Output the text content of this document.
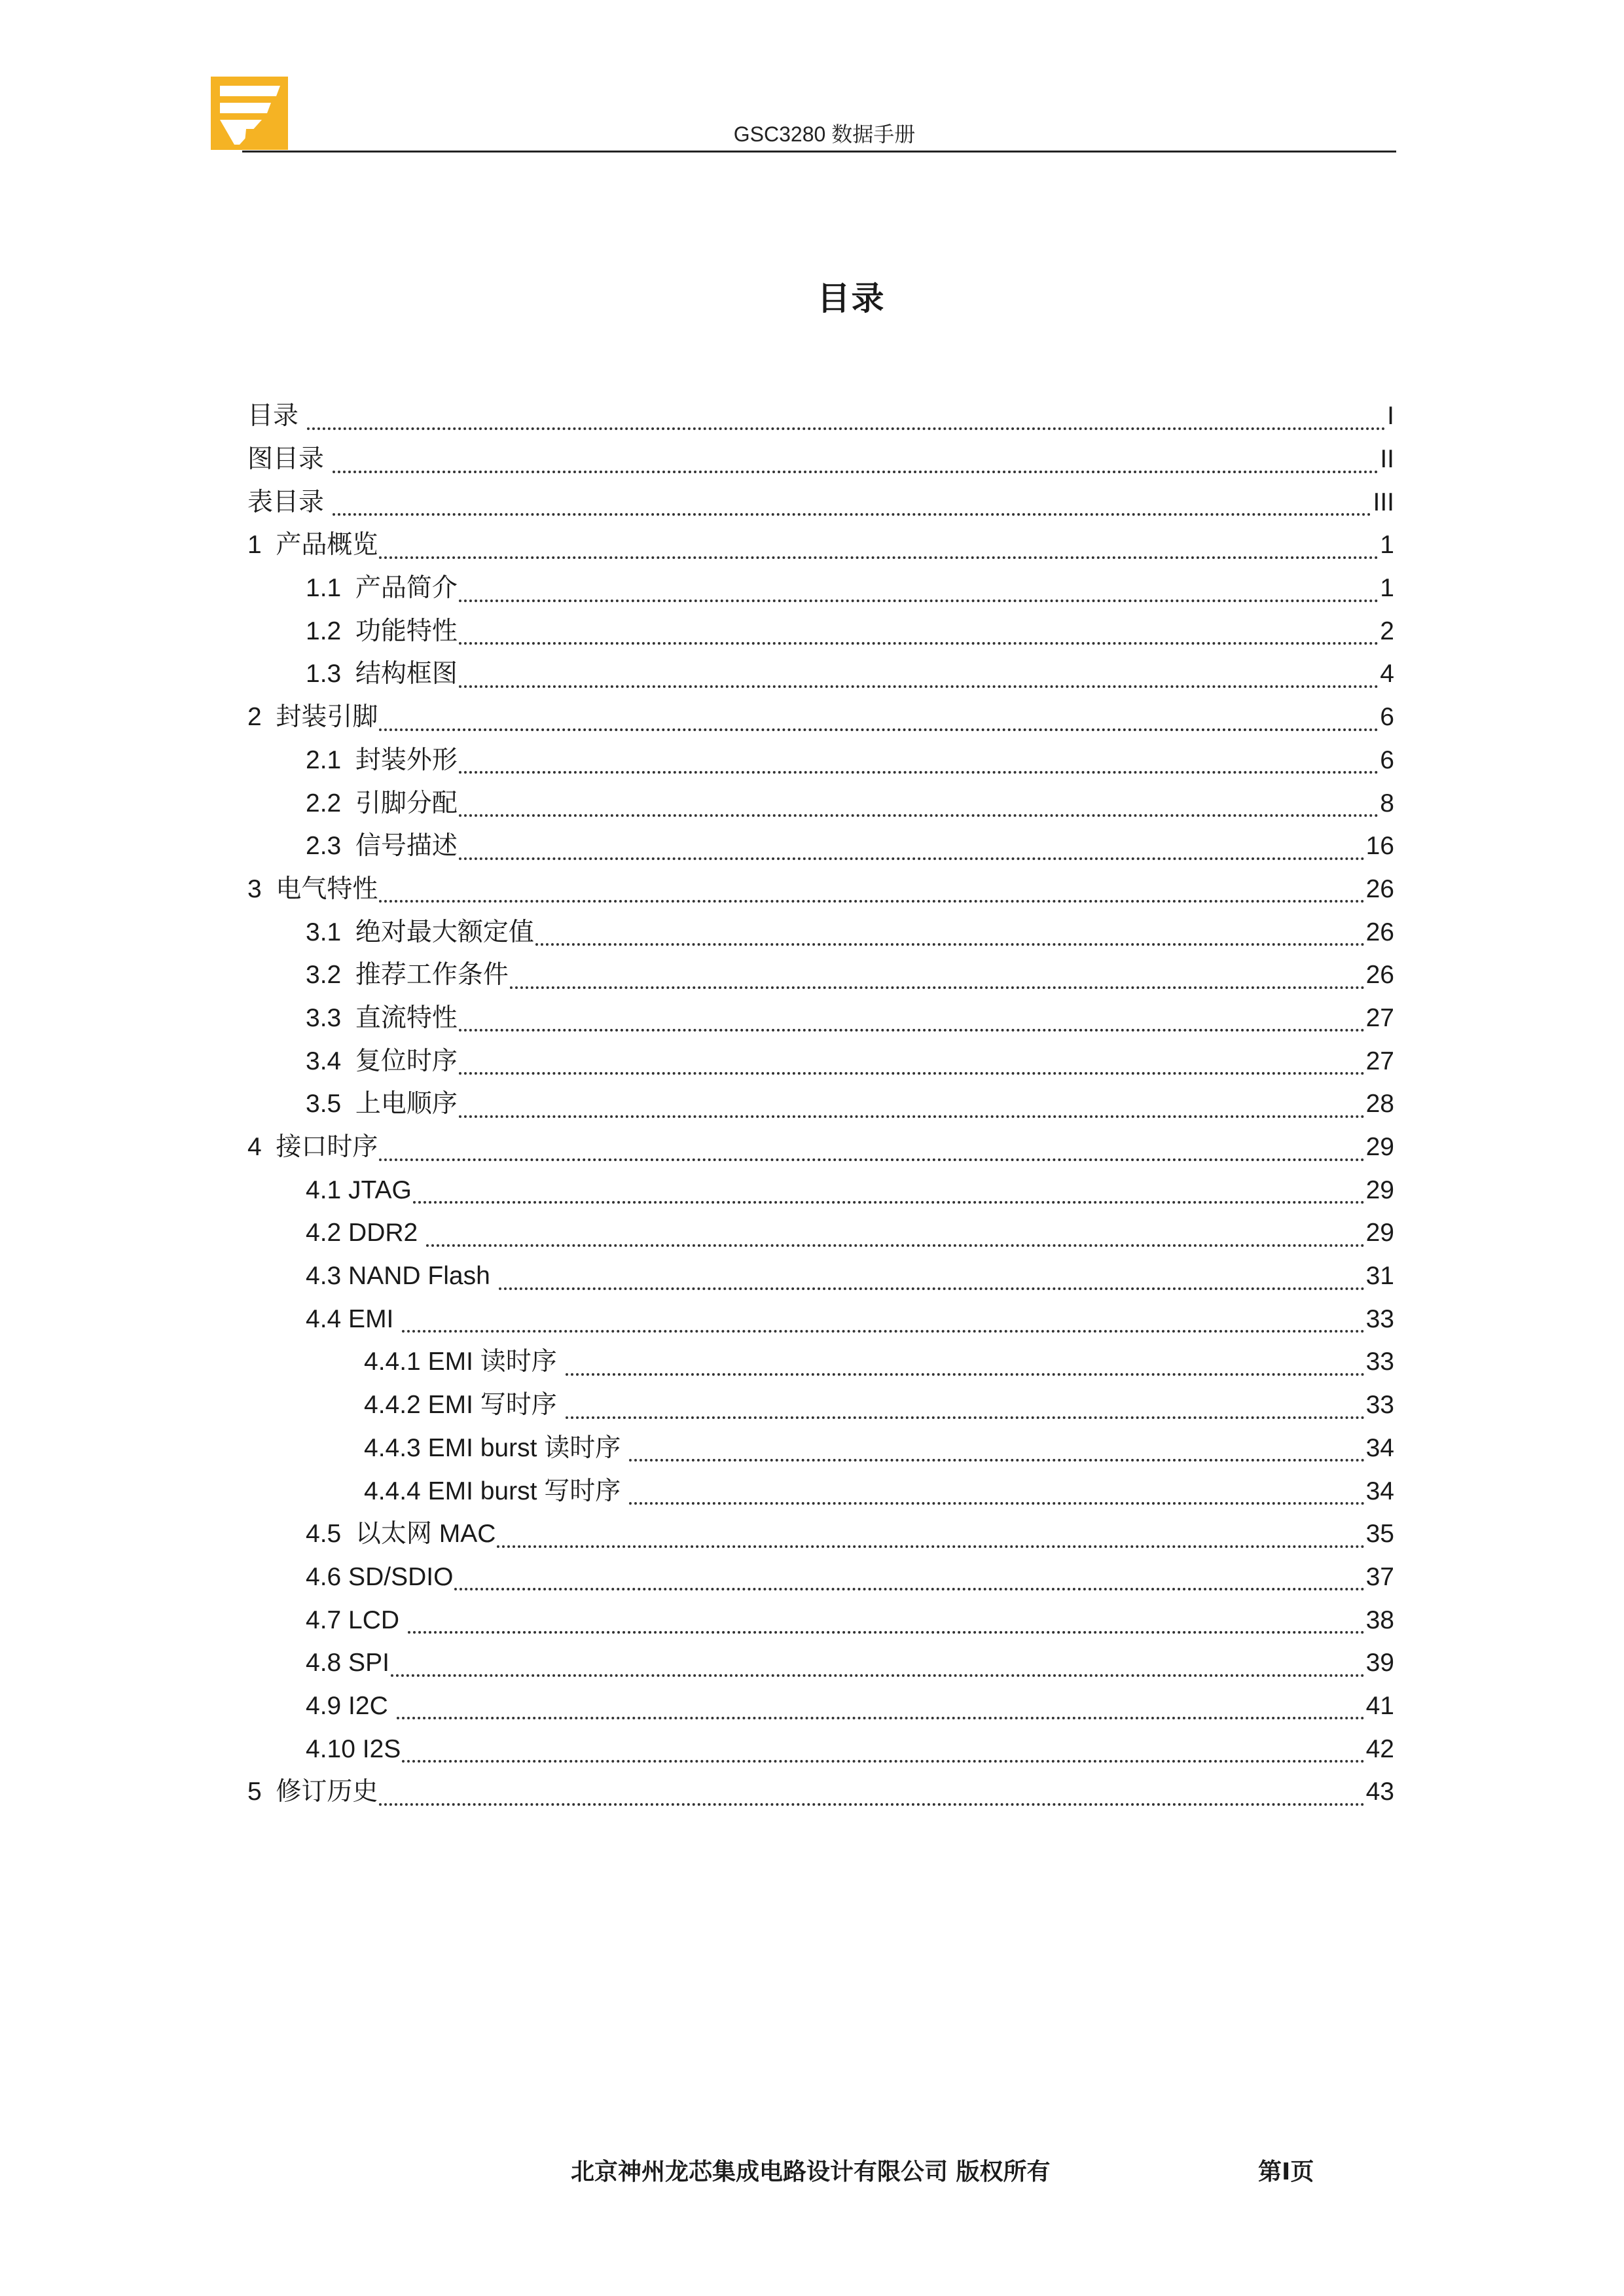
GSC3280 数据手册
目录
目录	I
图目录	II
表目录	III
1  产品概览	1
1.1  产品简介	1
1.2  功能特性	2
1.3  结构框图	4
2  封装引脚	6
2.1  封装外形	6
2.2  引脚分配	8
2.3  信号描述	16
3  电气特性	26
3.1  绝对最大额定值	26
3.2  推荐工作条件	26
3.3  直流特性	27
3.4  复位时序	27
3.5  上电顺序	28
4  接口时序	29
4.1 JTAG	29
4.2 DDR2	29
4.3 NAND Flash	31
4.4 EMI	33
4.4.1 EMI 读时序	33
4.4.2 EMI 写时序	33
4.4.3 EMI burst 读时序	34
4.4.4 EMI burst 写时序	34
4.5  以太网 MAC	35
4.6 SD/SDIO	37
4.7 LCD	38
4.8 SPI	39
4.9 I2C	41
4.10 I2S	42
5  修订历史	43
北京神州龙芯集成电路设计有限公司 版权所有	第I页
